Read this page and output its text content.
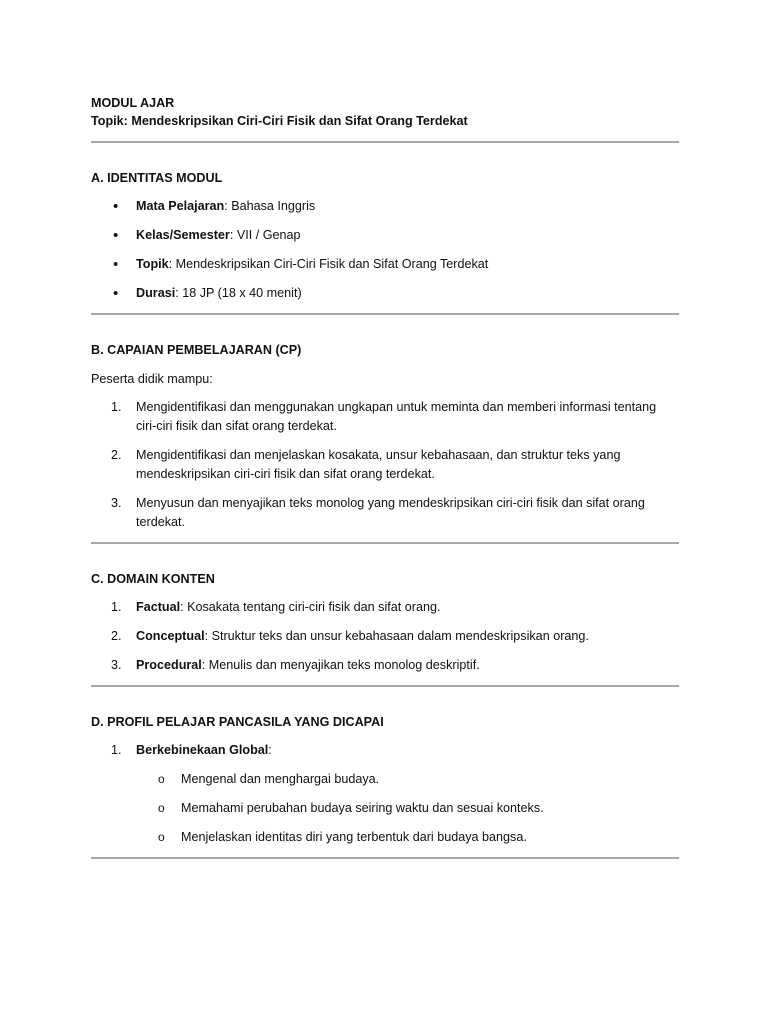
MODUL AJAR

Topik: Mendeskripsikan Ciri-Ciri Fisik dan Sifat Orang Terdekat

A. IDENTITAS MODUL

• Mata Pelajaran: Bahasa Inggris
• Kelas/Semester: VII / Genap
• Topik: Mendeskripsikan Ciri-Ciri Fisik dan Sifat Orang Terdekat
• Durasi: 18 JP (18 x 40 menit)

B. CAPAIAN PEMBELAJARAN (CP)

Peserta didik mampu:

1. Mengidentifikasi dan menggunakan ungkapan untuk meminta dan memberi informasi tentang ciri-ciri fisik dan sifat orang terdekat.
2. Mengidentifikasi dan menjelaskan kosakata, unsur kebahasaan, dan struktur teks yang mendeskripsikan ciri-ciri fisik dan sifat orang terdekat.
3. Menyusun dan menyajikan teks monolog yang mendeskripsikan ciri-ciri fisik dan sifat orang terdekat.

C. DOMAIN KONTEN

1. Factual: Kosakata tentang ciri-ciri fisik dan sifat orang.
2. Conceptual: Struktur teks dan unsur kebahasaan dalam mendeskripsikan orang.
3. Procedural: Menulis dan menyajikan teks monolog deskriptif.

D. PROFIL PELAJAR PANCASILA YANG DICAPAI

1. Berkebinekaan Global:
o Mengenal dan menghargai budaya.
o Memahami perubahan budaya seiring waktu dan sesuai konteks.
o Menjelaskan identitas diri yang terbentuk dari budaya bangsa.
